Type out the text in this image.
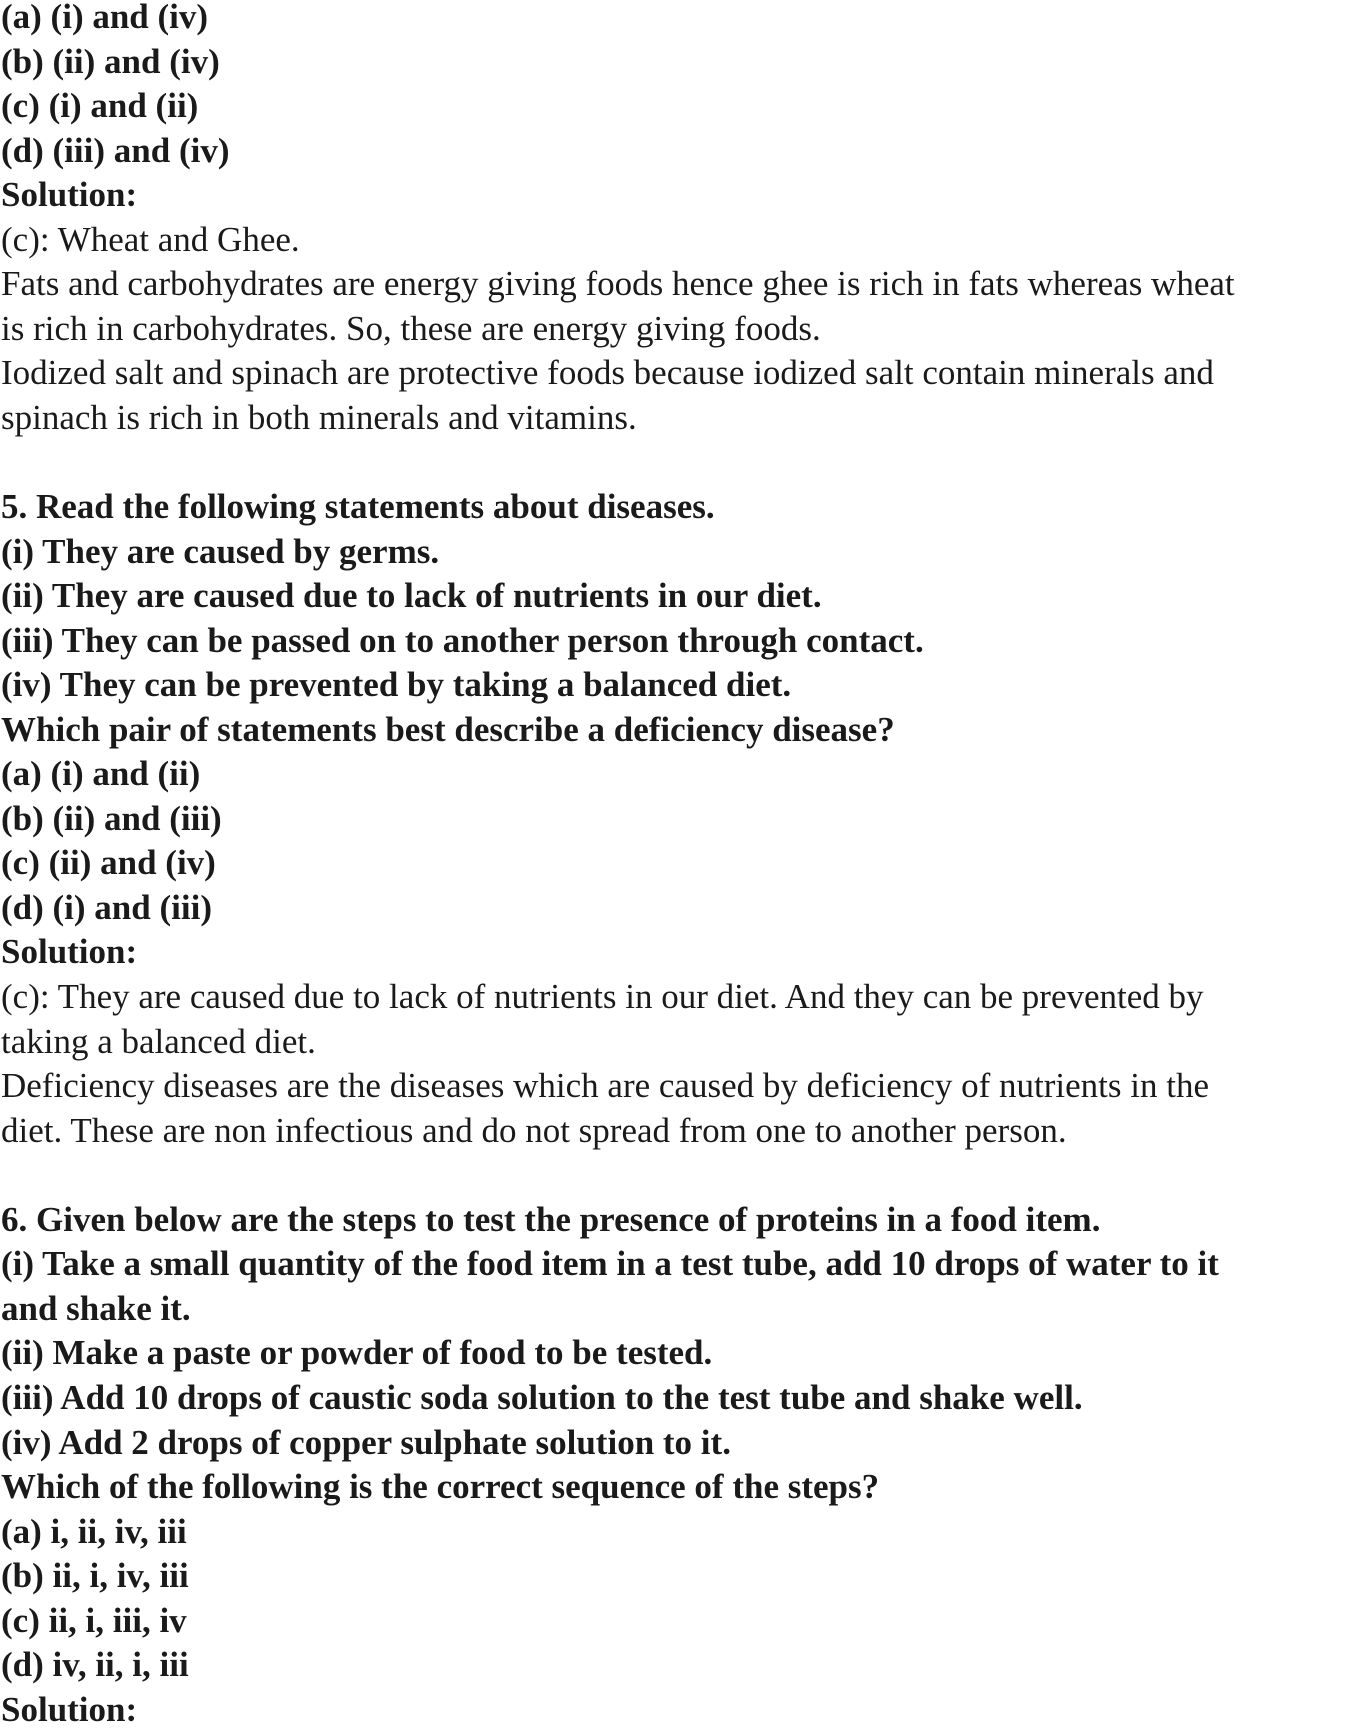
(a) (i) and (iv)
(b) (ii) and (iv)
(c) (i) and (ii)
(d) (iii) and (iv)
Solution:
(c): Wheat and Ghee.
Fats and carbohydrates are energy giving foods hence ghee is rich in fats whereas wheat
is rich in carbohydrates. So, these are energy giving foods.
Iodized salt and spinach are protective foods because iodized salt contain minerals and
spinach is rich in both minerals and vitamins.
5. Read the following statements about diseases.
(i) They are caused by germs.
(ii) They are caused due to lack of nutrients in our diet.
(iii) They can be passed on to another person through contact.
(iv) They can be prevented by taking a balanced diet.
Which pair of statements best describe a deficiency disease?
(a) (i) and (ii)
(b) (ii) and (iii)
(c) (ii) and (iv)
(d) (i) and (iii)
Solution:
(c): They are caused due to lack of nutrients in our diet. And they can be prevented by
taking a balanced diet.
Deficiency diseases are the diseases which are caused by deficiency of nutrients in the
diet. These are non infectious and do not spread from one to another person.
6. Given below are the steps to test the presence of proteins in a food item.
(i) Take a small quantity of the food item in a test tube, add 10 drops of water to it
and shake it.
(ii) Make a paste or powder of food to be tested.
(iii) Add 10 drops of caustic soda solution to the test tube and shake well.
(iv) Add 2 drops of copper sulphate solution to it.
Which of the following is the correct sequence of the steps?
(a) i, ii, iv, iii
(b) ii, i, iv, iii
(c) ii, i, iii, iv
(d) iv, ii, i, iii
Solution:
